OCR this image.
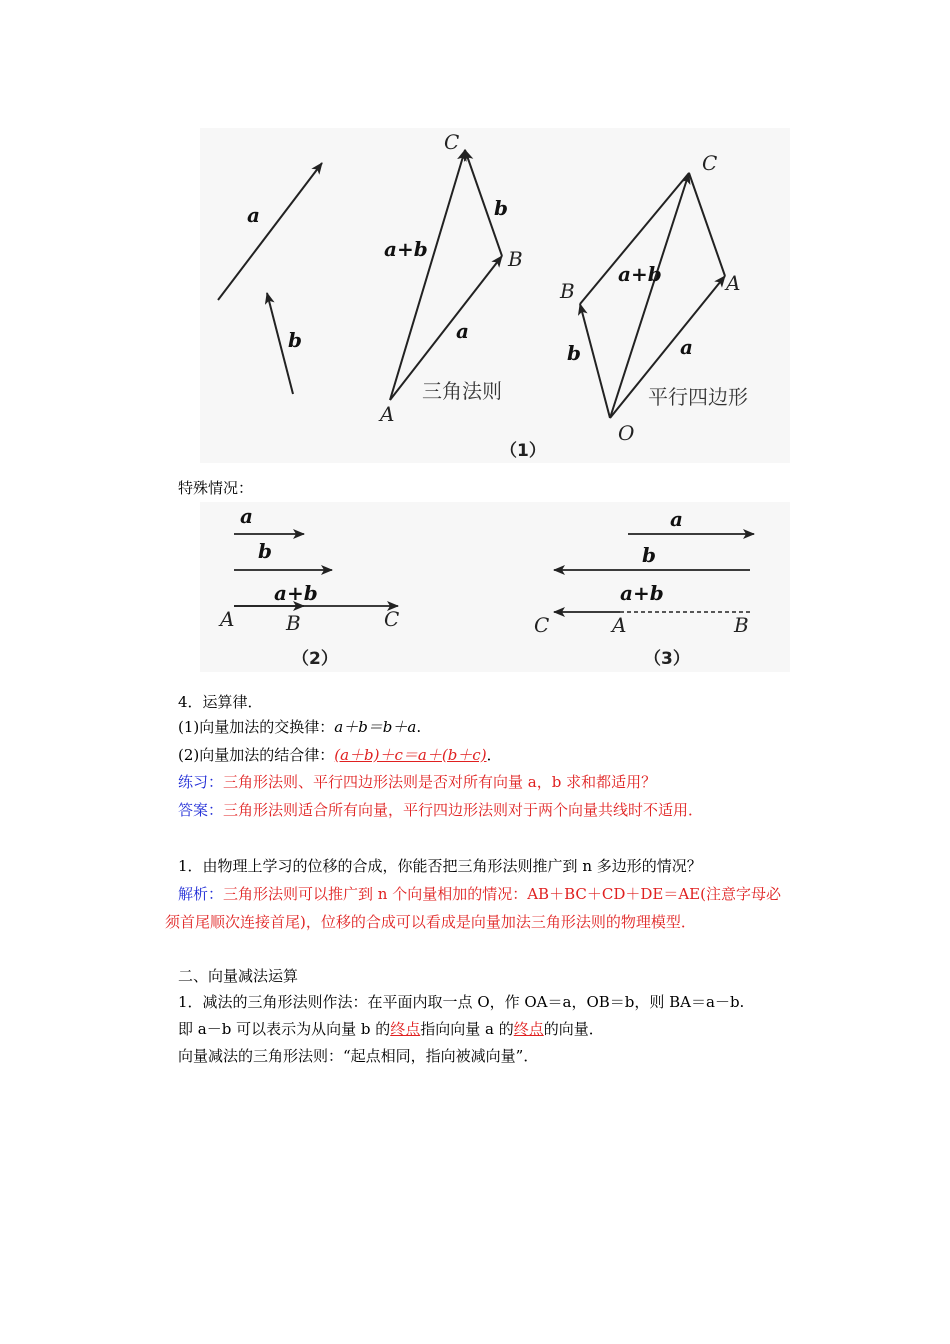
a
b
C
B
A
b
a+b
a
三角法则
C
A
B
O
a+b
b	a
平行四边形
（1）
特殊情况：
a
b
a+b
A	B	C
（2）
a
b
a+b
C	A	B
（3）
4．运算律．
(1)向量加法的交换律：a＋b＝b＋a.
(2)向量加法的结合律：(a＋b)＋c＝a＋(b＋c)．
练习：三角形法则、平行四边形法则是否对所有向量 a，b 求和都适用？
答案：三角形法则适合所有向量，平行四边形法则对于两个向量共线时不适用．
1．由物理上学习的位移的合成，你能否把三角形法则推广到 n 多边形的情况？
解析：三角形法则可以推广到 n 个向量相加的情况：AB＋BC＋CD＋DE＝AE(注意字母必
须首尾顺次连接首尾)，位移的合成可以看成是向量加法三角形法则的物理模型．
二、向量减法运算
1．减法的三角形法则作法：在平面内取一点 O，作 OA＝a，OB＝b，则 BA＝a－b.
即 a－b 可以表示为从向量 b 的终点指向向量 a 的终点的向量．
向量减法的三角形法则：“起点相同，指向被减向量”．
